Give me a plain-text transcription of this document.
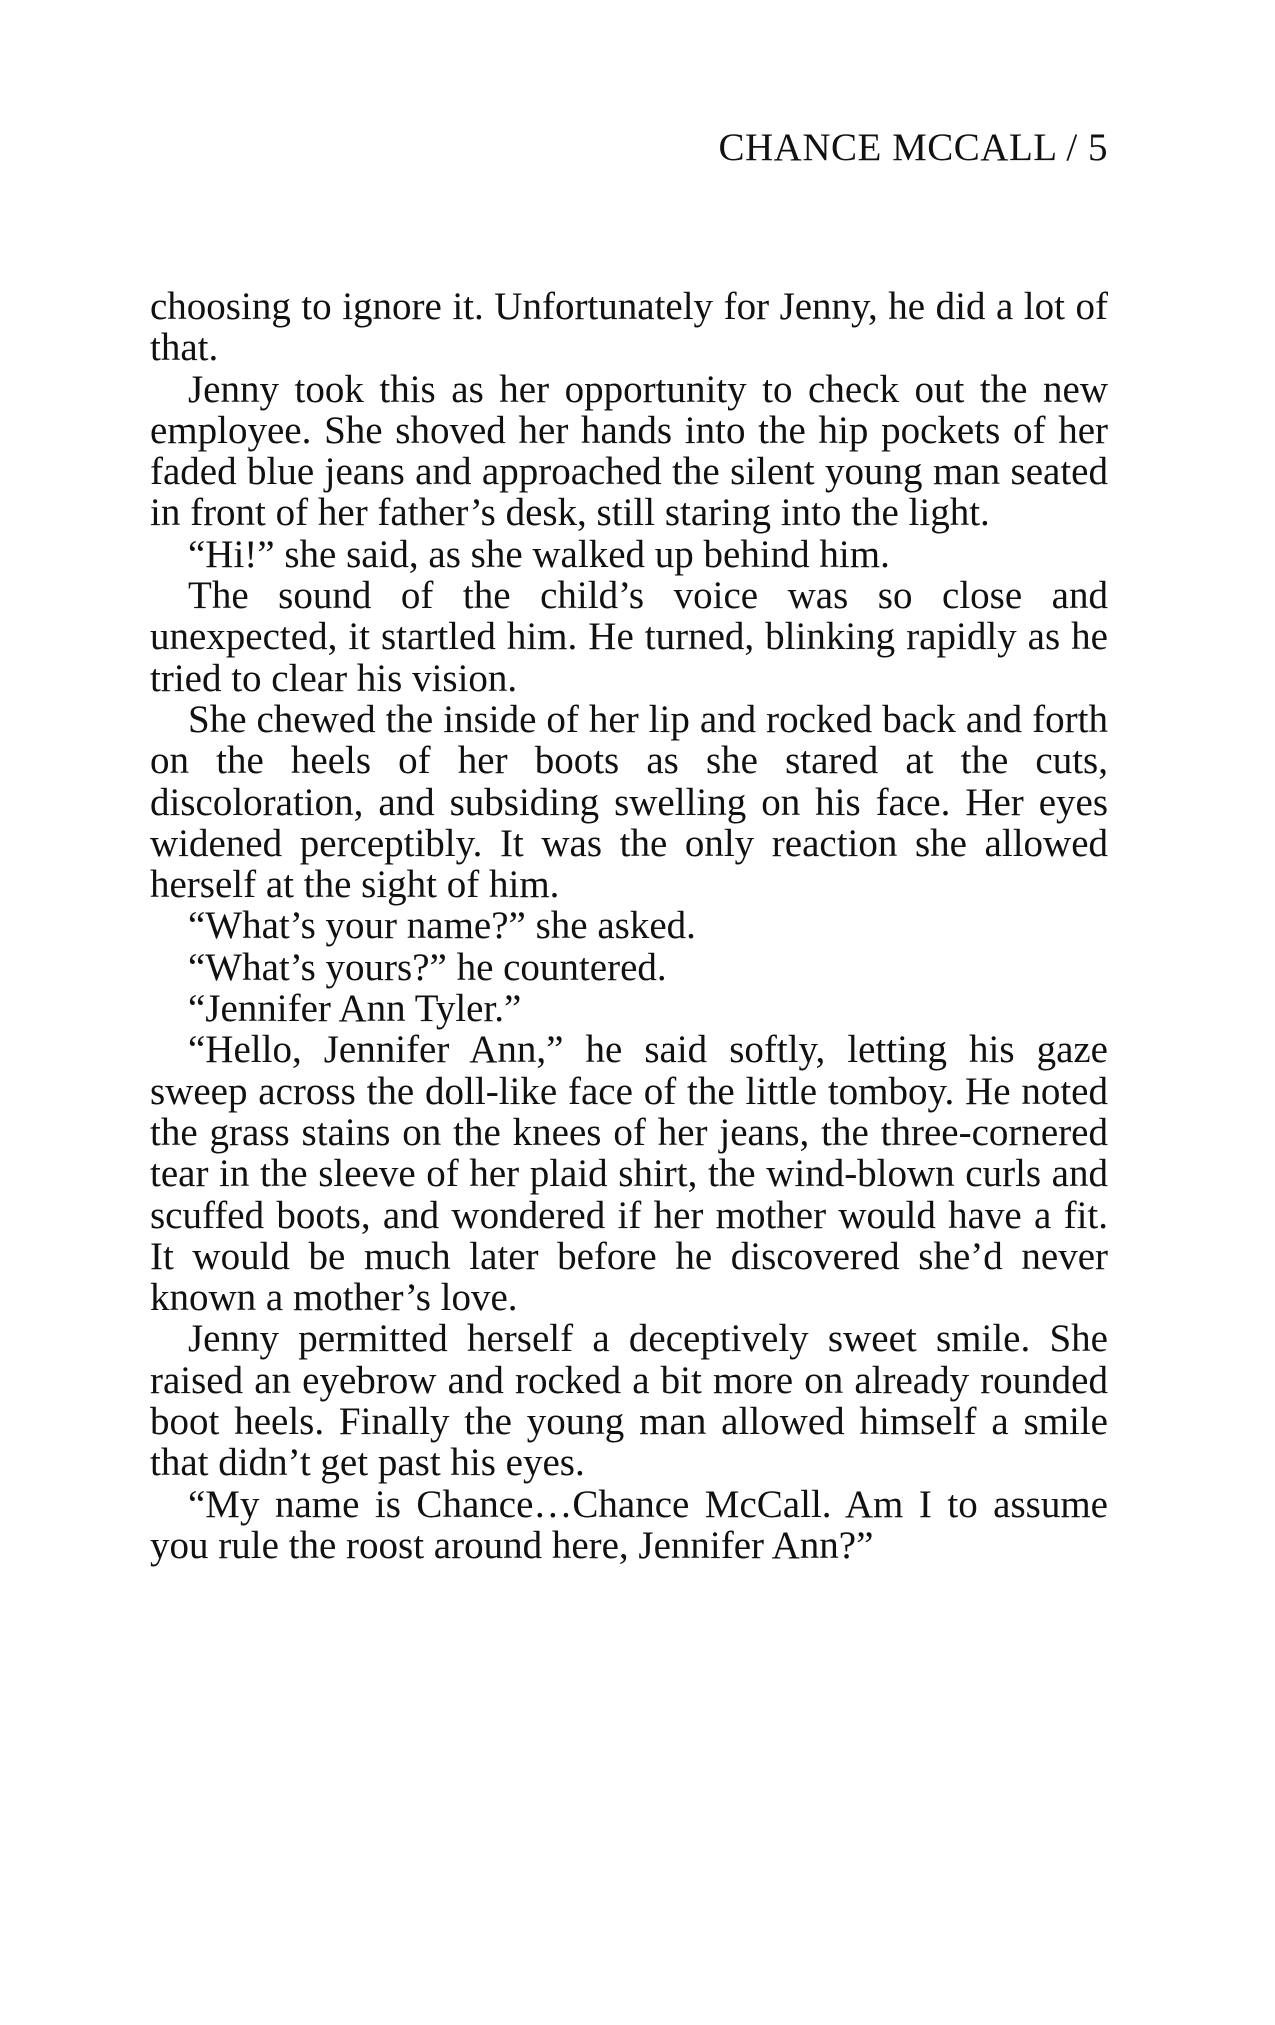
CHANCE MCCALL / 5

choosing to ignore it. Unfortunately for Jenny, he did a lot of that.

Jenny took this as her opportunity to check out the new employee. She shoved her hands into the hip pockets of her faded blue jeans and approached the silent young man seated in front of her father’s desk, still staring into the light.

“Hi!” she said, as she walked up behind him.

The sound of the child’s voice was so close and unexpected, it startled him. He turned, blinking rapidly as he tried to clear his vision.

She chewed the inside of her lip and rocked back and forth on the heels of her boots as she stared at the cuts, discoloration, and subsiding swelling on his face. Her eyes widened perceptibly. It was the only reaction she allowed herself at the sight of him.

“What’s your name?” she asked.

“What’s yours?” he countered.

“Jennifer Ann Tyler.”

“Hello, Jennifer Ann,” he said softly, letting his gaze sweep across the doll-like face of the little tomboy. He noted the grass stains on the knees of her jeans, the three-cornered tear in the sleeve of her plaid shirt, the wind-blown curls and scuffed boots, and wondered if her mother would have a fit. It would be much later before he discovered she’d never known a mother’s love.

Jenny permitted herself a deceptively sweet smile. She raised an eyebrow and rocked a bit more on already rounded boot heels. Finally the young man allowed himself a smile that didn’t get past his eyes.

“My name is Chance…Chance McCall. Am I to assume you rule the roost around here, Jennifer Ann?”
